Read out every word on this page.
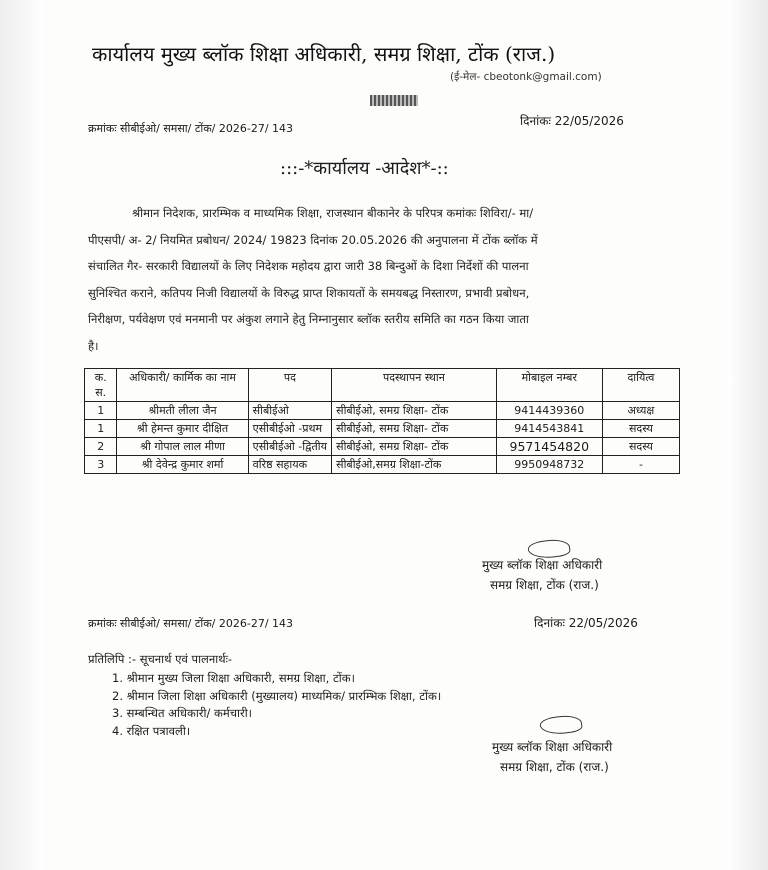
कार्यालय मुख्य ब्लॉक शिक्षा अधिकारी, समग्र शिक्षा, टोंक (राज.)
(ई-मेल- cbeotonk@gmail.com)
दिनांकः 22/05/2026
क्रमांकः सीबीईओ/ समसा/ टोंक/ 2026-27/ 143
:::-*कार्यालय -आदेश*-::
श्रीमान निदेशक, प्रारम्भिक व माध्यमिक शिक्षा, राजस्थान बीकानेर के परिपत्र कमांकः शिविरा/- मा/
पीएसपी/ अ- 2/ नियमित प्रबोधन/ 2024/ 19823 दिनांक 20.05.2026 की अनुपालना में टोंक ब्लॉक में
संचालित गैर- सरकारी विद्यालयों के लिए निदेशक महोदय द्वारा जारी 38 बिन्दुओं के दिशा निर्देशों की पालना
सुनिश्चित कराने, कतिपय निजी विद्यालयों के विरुद्ध प्राप्त शिकायतों के समयबद्ध निस्तारण, प्रभावी प्रबोधन,
निरीक्षण, पर्यवेक्षण एवं मनमानी पर अंकुश लगाने हेतु निम्नानुसार ब्लॉक स्तरीय समिति का गठन किया जाता
है।
क. स.	अधिकारी/ कार्मिक का नाम	पद	पदस्थापन स्थान	मोबाइल नम्बर	दायित्व
1	श्रीमती लीला जैन	सीबीईओ	सीबीईओ, समग्र शिक्षा- टोंक	9414439360	अध्यक्ष
1	श्री हेमन्त कुमार दीक्षित	एसीबीईओ -प्रथम	सीबीईओ, समग्र शिक्षा- टोंक	9414543841	सदस्य
2	श्री गोपाल लाल मीणा	एसीबीईओ -द्वितीय	सीबीईओ, समग्र शिक्षा- टोंक	9571454820	सदस्य
3	श्री देवेन्द्र कुमार शर्मा	वरिष्ठ सहायक	सीबीईओ,समग्र शिक्षा-टोंक	9950948732	-
मुख्य ब्लॉक शिक्षा अधिकारी
समग्र शिक्षा, टोंक (राज.)
क्रमांकः सीबीईओ/ समसा/ टोंक/ 2026-27/ 143	दिनांकः 22/05/2026
प्रतिलिपि :- सूचनार्थ एवं पालनार्थः-
1. श्रीमान मुख्य जिला शिक्षा अधिकारी, समग्र शिक्षा, टोंक।
2. श्रीमान जिला शिक्षा अधिकारी (मुख्यालय) माध्यमिक/ प्रारम्भिक शिक्षा, टोंक।
3. सम्बन्धित अधिकारी/ कर्मचारी।
4. रक्षित पत्रावली।
मुख्य ब्लॉक शिक्षा अधिकारी
समग्र शिक्षा, टोंक (राज.)
